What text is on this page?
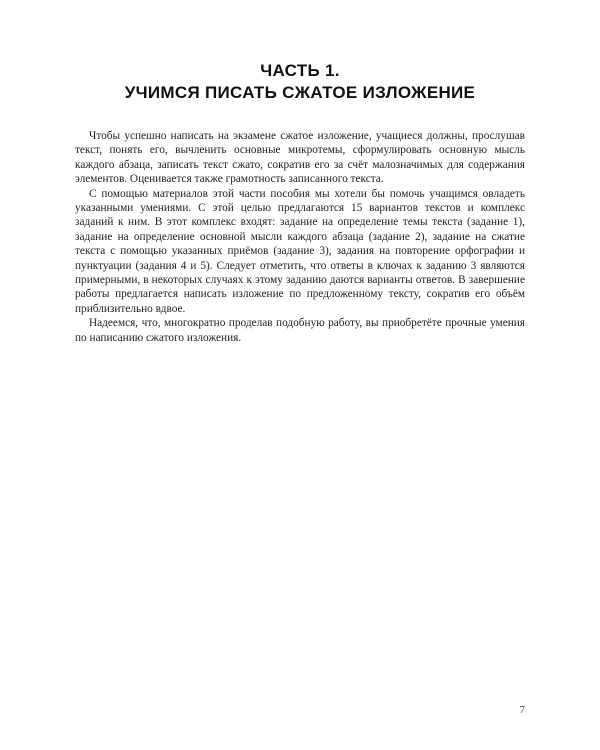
ЧАСТЬ 1.
УЧИМСЯ ПИСАТЬ СЖАТОЕ ИЗЛОЖЕНИЕ

Чтобы успешно написать на экзамене сжатое изложение, учащиеся должны, прослушав текст, понять его, вычленить основные микротемы, сформулировать основную мысль каждого абзаца, записать текст сжато, сократив его за счёт малозначимых для содержания элементов. Оценивается также грамотность записанного текста.

С помощью материалов этой части пособия мы хотели бы помочь учащимся овладеть указанными умениями. С этой целью предлагаются 15 вариантов текстов и комплекс заданий к ним. В этот комплекс входят: задание на определение темы текста (задание 1), задание на определение основной мысли каждого абзаца (задание 2), задание на сжатие текста с помощью указанных приёмов (задание 3), задания на повторение орфографии и пунктуации (задания 4 и 5). Следует отметить, что ответы в ключах к заданию 3 являются примерными, в некоторых случаях к этому заданию даются варианты ответов. В завершение работы предлагается написать изложение по предложенному тексту, сократив его объём приблизительно вдвое.

Надеемся, что, многократно проделав подобную работу, вы приобретёте прочные умения по написанию сжатого изложения.

7
